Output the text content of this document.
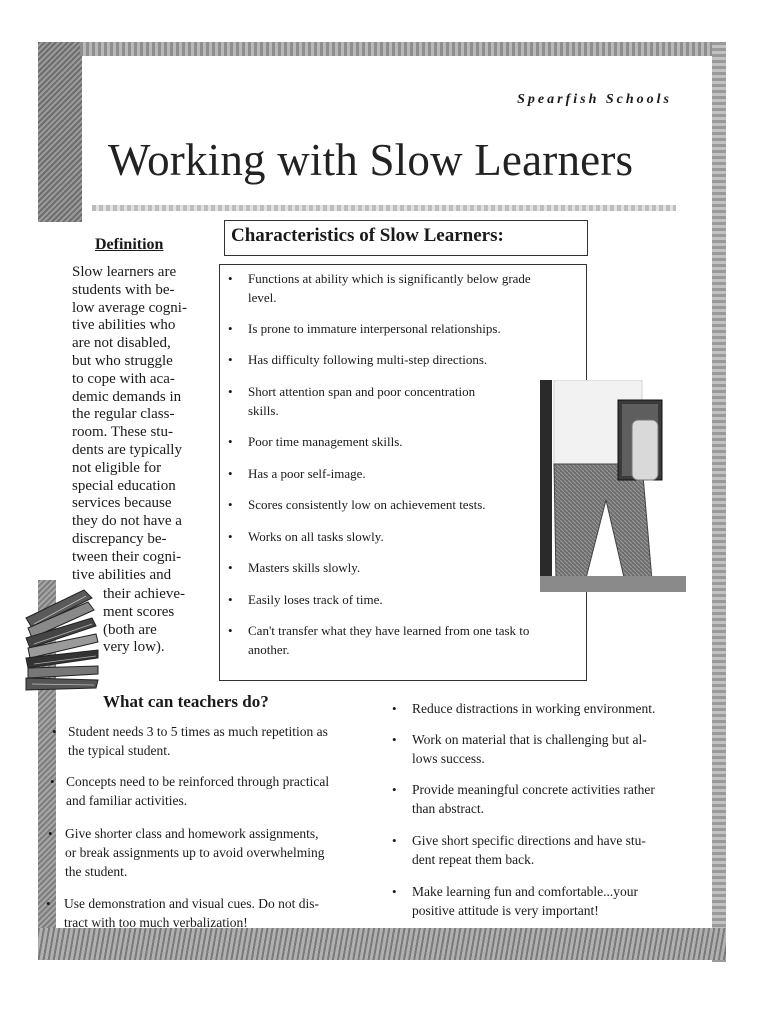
Spearfish Schools

Working with Slow Learners
Definition
Slow learners are
students with be-
low average cogni-
tive abilities who
are not disabled,
but who struggle
to cope with aca-
demic demands in
the regular class-
room. These stu-
dents are typically
not eligible for
special education
services because
they do not have a
discrepancy be-
tween their cogni-
tive abilities and
their achieve-
ment scores
(both are
very low).
Characteristics of Slow Learners:
• Functions at ability which is significantly below grade
level.
• Is prone to immature interpersonal relationships.
• Has difficulty following multi-step directions.
• Short attention span and poor concentration
skills.
• Poor time management skills.
• Has a poor self-image.
• Scores consistently low on achievement tests.
• Works on all tasks slowly.
• Masters skills slowly.
• Easily loses track of time.
• Can't transfer what they have learned from one task to
another.
What can teachers do?
• Student needs 3 to 5 times as much repetition as
the typical student.
• Concepts need to be reinforced through practical
and familiar activities.
• Give shorter class and homework assignments,
or break assignments up to avoid overwhelming
the student.
• Use demonstration and visual cues. Do not dis-
tract with too much verbalization!
• Reduce distractions in working environment.
• Work on material that is challenging but al-
lows success.
• Provide meaningful concrete activities rather
than abstract.
• Give short specific directions and have stu-
dent repeat them back.
• Make learning fun and comfortable...your
positive attitude is very important!
